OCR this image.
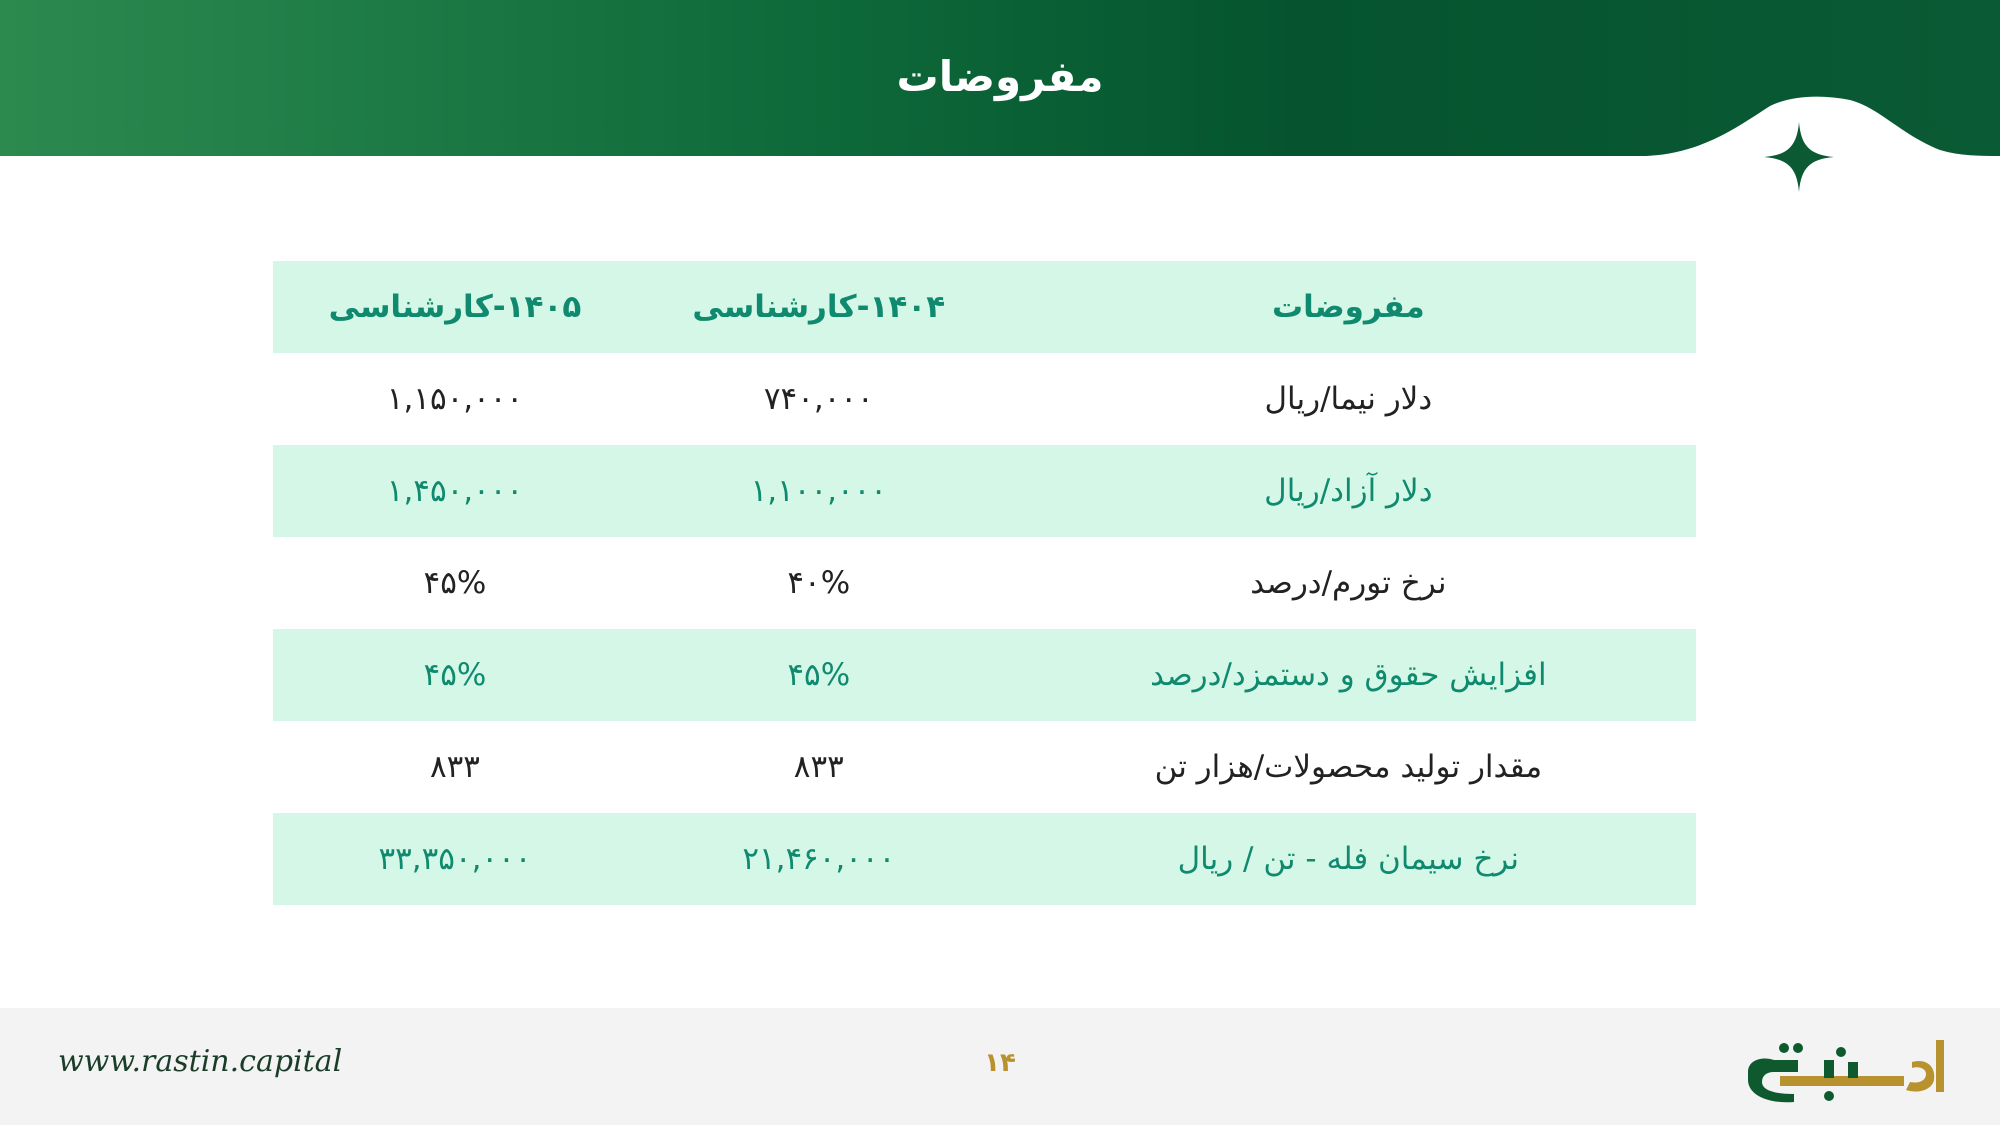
مفروضات
مفروضات	۱۴۰۴-کارشناسی	۱۴۰۵-کارشناسی
دلار نیما/ریال	۷۴۰,۰۰۰	۱,۱۵۰,۰۰۰
دلار آزاد/ریال	۱,۱۰۰,۰۰۰	۱,۴۵۰,۰۰۰
نرخ تورم/درصد	۴۰%	۴۵%
افزایش حقوق و دستمزد/درصد	۴۵%	۴۵%
مقدار تولید محصولات/هزار تن	۸۳۳	۸۳۳
نرخ سیمان فله - تن / ریال	۲۱,۴۶۰,۰۰۰	۳۳,۳۵۰,۰۰۰
www.rastin.capital	۱۴
